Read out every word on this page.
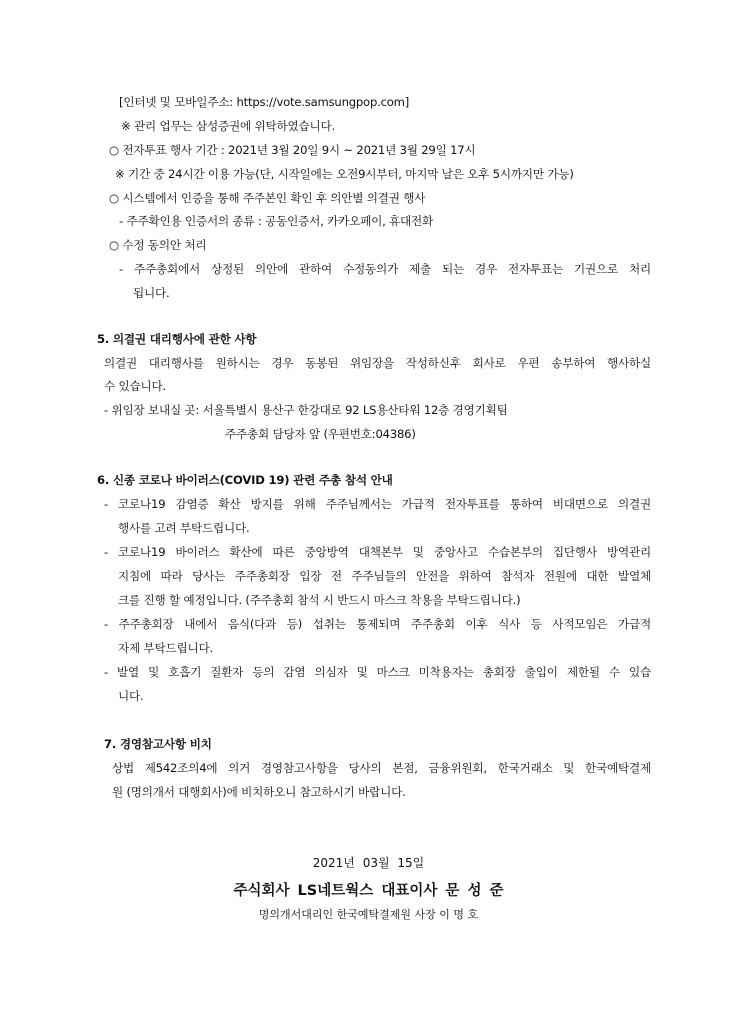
[인터넷 및 모바일주소: https://vote.samsungpop.com]
※ 관리 업무는 삼성증권에 위탁하였습니다.
○ 전자투표 행사 기간 : 2021년 3월 20일 9시 ~ 2021년 3월 29일 17시
※ 기간 중 24시간 이용 가능(단, 시작일에는 오전9시부터, 마지막 날은 오후 5시까지만 가능)
○ 시스템에서 인증을 통해 주주본인 확인 후 의안별 의결권 행사
- 주주확인용 인증서의 종류 : 공동인증서, 카카오페이, 휴대전화
○ 수정 동의안 처리
- 주주총회에서 상정된 의안에 관하여 수정동의가 제출 되는 경우 전자투표는 기권으로 처리
됩니다.
5. 의결권 대리행사에 관한 사항
의결권 대리행사를 원하시는 경우 동봉된 위임장을 작성하신후 회사로 우편 송부하여 행사하실
수 있습니다.
- 위임장 보내실 곳: 서울특별시 용산구 한강대로 92 LS용산타워 12층 경영기획팀
주주총회 담당자 앞 (우편번호:04386)
6. 신종 코로나 바이러스(COVID 19) 관련 주총 참석 안내
- 코로나19 감염증 확산 방지를 위해 주주님께서는 가급적 전자투표를 통하여 비대면으로 의결권
행사를 고려 부탁드립니다.
- 코로나19 바이러스 확산에 따른 중앙방역 대책본부 및 중앙사고 수습본부의 집단행사 방역관리
지침에 따라 당사는 주주총회장 입장 전 주주님들의 안전을 위하여 참석자 전원에 대한 발열체
크를 진행 할 예정입니다. (주주총회 참석 시 반드시 마스크 착용을 부탁드립니다.)
- 주주총회장 내에서 음식(다과 등) 섭취는 통제되며 주주총회 이후 식사 등 사적모임은 가급적
자제 부탁드립니다.
- 발열 및 호흡기 질환자 등의 감염 의심자 및 마스크 미착용자는 총회장 출입이 제한될 수 있습
니다.
7. 경영참고사항 비치
상법 제542조의4에 의거 경영참고사항을 당사의 본점, 금융위원회, 한국거래소 및 한국예탁결제
원 (명의개서 대행회사)에 비치하오니 참고하시기 바랍니다.
2021년 03월 15일
주식회사 LS네트웍스 대표이사 문 성 준
명의개서대리인 한국예탁결제원 사장 이 명 호
